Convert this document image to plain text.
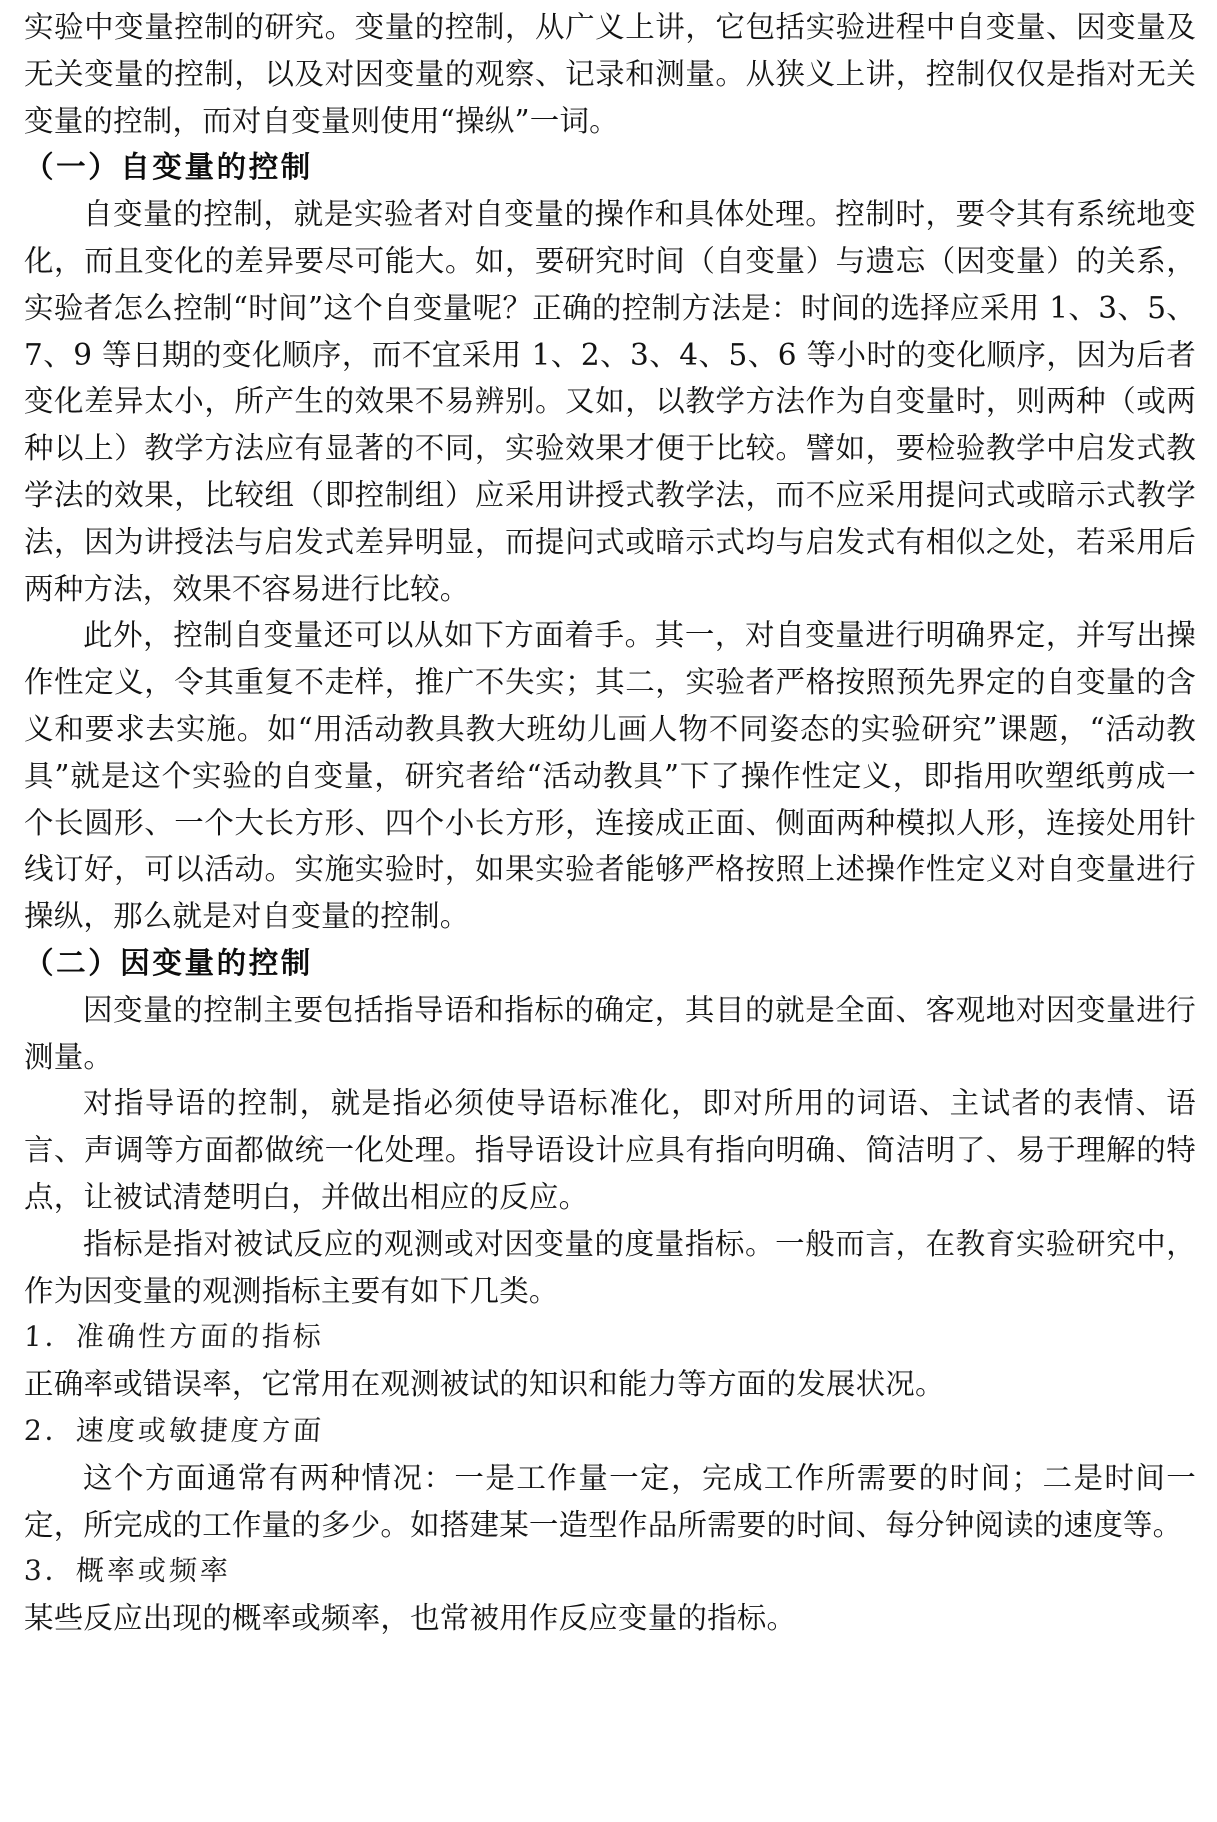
实验中变量控制的研究。变量的控制，从广义上讲，它包括实验进程中自变量、因变量及无关变量的控制，以及对因变量的观察、记录和测量。从狭义上讲，控制仅仅是指对无关变量的控制，而对自变量则使用“操纵”一词。

（一）自变量的控制

自变量的控制，就是实验者对自变量的操作和具体处理。控制时，要令其有系统地变化，而且变化的差异要尽可能大。如，要研究时间（自变量）与遗忘（因变量）的关系，实验者怎么控制“时间”这个自变量呢？正确的控制方法是：时间的选择应采用 1、3、5、7、9 等日期的变化顺序，而不宜采用 1、2、3、4、5、6 等小时的变化顺序，因为后者变化差异太小，所产生的效果不易辨别。又如，以教学方法作为自变量时，则两种（或两种以上）教学方法应有显著的不同，实验效果才便于比较。譬如，要检验教学中启发式教学法的效果，比较组（即控制组）应采用讲授式教学法，而不应采用提问式或暗示式教学法，因为讲授法与启发式差异明显，而提问式或暗示式均与启发式有相似之处，若采用后两种方法，效果不容易进行比较。

此外，控制自变量还可以从如下方面着手。其一，对自变量进行明确界定，并写出操作性定义，令其重复不走样，推广不失实；其二，实验者严格按照预先界定的自变量的含义和要求去实施。如“用活动教具教大班幼儿画人物不同姿态的实验研究”课题，“活动教具”就是这个实验的自变量，研究者给“活动教具”下了操作性定义，即指用吹塑纸剪成一个长圆形、一个大长方形、四个小长方形，连接成正面、侧面两种模拟人形，连接处用针线订好，可以活动。实施实验时，如果实验者能够严格按照上述操作性定义对自变量进行操纵，那么就是对自变量的控制。

（二）因变量的控制

因变量的控制主要包括指导语和指标的确定，其目的就是全面、客观地对因变量进行测量。

对指导语的控制，就是指必须使导语标准化，即对所用的词语、主试者的表情、语言、声调等方面都做统一化处理。指导语设计应具有指向明确、简洁明了、易于理解的特点，让被试清楚明白，并做出相应的反应。

指标是指对被试反应的观测或对因变量的度量指标。一般而言，在教育实验研究中，作为因变量的观测指标主要有如下几类。

1．准确性方面的指标

正确率或错误率，它常用在观测被试的知识和能力等方面的发展状况。

2．速度或敏捷度方面

这个方面通常有两种情况：一是工作量一定，完成工作所需要的时间；二是时间一定，所完成的工作量的多少。如搭建某一造型作品所需要的时间、每分钟阅读的速度等。

3．概率或频率

某些反应出现的概率或频率，也常被用作反应变量的指标。
